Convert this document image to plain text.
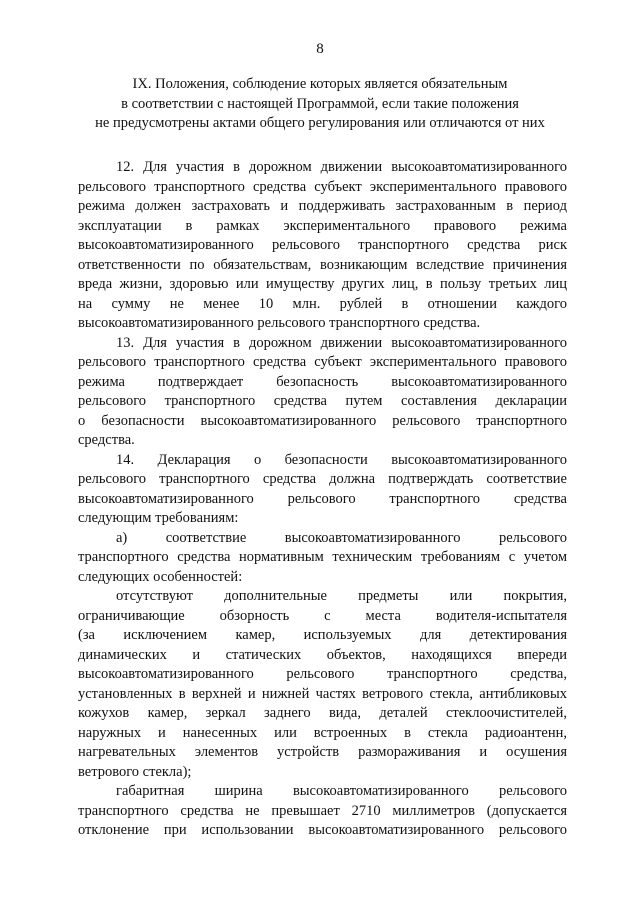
8
IX. Положения, соблюдение которых является обязательным
в соответствии с настоящей Программой, если такие положения
не предусмотрены актами общего регулирования или отличаются от них
12. Для участия в дорожном движении высокоавтоматизированного
рельсового транспортного средства субъект экспериментального правового
режима должен застраховать и поддерживать застрахованным в период
эксплуатации в рамках экспериментального правового режима
высокоавтоматизированного рельсового транспортного средства риск
ответственности по обязательствам, возникающим вследствие причинения
вреда жизни, здоровью или имуществу других лиц, в пользу третьих лиц
на сумму не менее 10 млн. рублей в отношении каждого
высокоавтоматизированного рельсового транспортного средства.
13. Для участия в дорожном движении высокоавтоматизированного
рельсового транспортного средства субъект экспериментального правового
режима подтверждает безопасность высокоавтоматизированного
рельсового транспортного средства путем составления декларации
о безопасности высокоавтоматизированного рельсового транспортного
средства.
14. Декларация о безопасности высокоавтоматизированного
рельсового транспортного средства должна подтверждать соответствие
высокоавтоматизированного рельсового транспортного средства
следующим требованиям:
а) соответствие высокоавтоматизированного рельсового
транспортного средства нормативным техническим требованиям с учетом
следующих особенностей:
отсутствуют дополнительные предметы или покрытия,
ограничивающие обзорность с места водителя-испытателя
(за исключением камер, используемых для детектирования
динамических и статических объектов, находящихся впереди
высокоавтоматизированного рельсового транспортного средства,
установленных в верхней и нижней частях ветрового стекла, антибликовых
кожухов камер, зеркал заднего вида, деталей стеклоочистителей,
наружных и нанесенных или встроенных в стекла радиоантенн,
нагревательных элементов устройств размораживания и осушения
ветрового стекла);
габаритная ширина высокоавтоматизированного рельсового
транспортного средства не превышает 2710 миллиметров (допускается
отклонение при использовании высокоавтоматизированного рельсового
